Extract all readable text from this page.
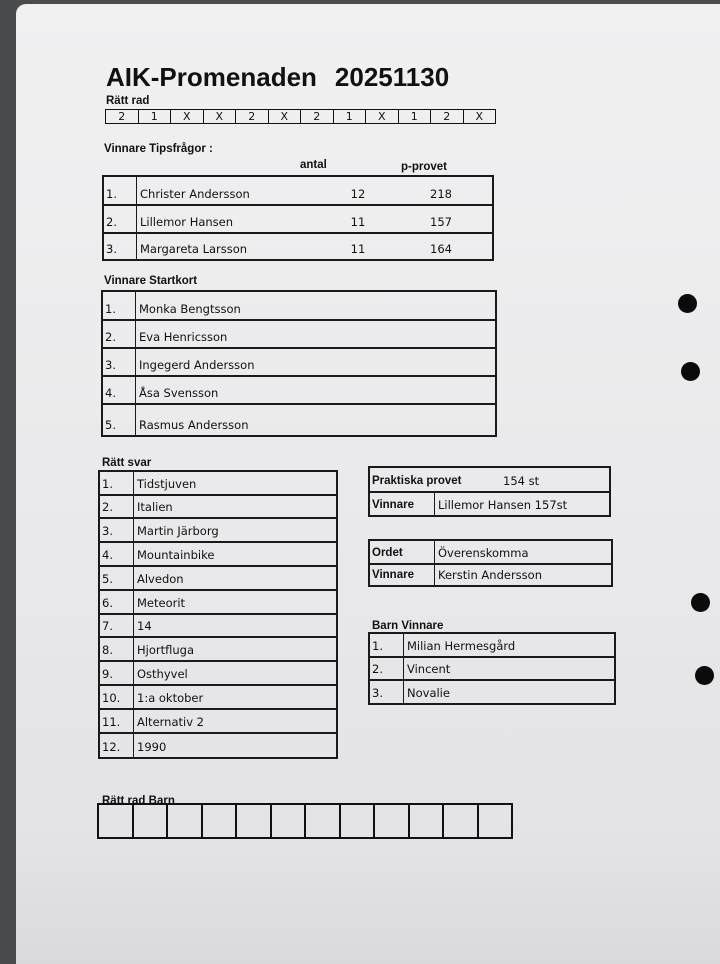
AIK-Promenaden 20251130
Rätt rad
2	1	X	X	2	X	2	1	X	1	2	X
Vinnare Tipsfrågor :
antal	p-provet
1.	Christer Andersson	12	218
2.	Lillemor Hansen	11	157
3.	Margareta Larsson	11	164
Vinnare Startkort
1.	Monka Bengtsson
2.	Eva Henricsson
3.	Ingegerd Andersson
4.	Åsa Svensson
5.	Rasmus Andersson
Rätt svar
1.	Tidstjuven
2.	Italien
3.	Martin Järborg
4.	Mountainbike
5.	Alvedon
6.	Meteorit
7.	14
8.	Hjortfluga
9.	Osthyvel
10.	1:a oktober
11.	Alternativ 2
12.	1990
Praktiska provet	154 st
Vinnare	Lillemor Hansen 157st
Ordet	Överenskomma
Vinnare	Kerstin Andersson
Barn Vinnare
1.	Milian Hermesgård
2.	Vincent
3.	Novalie
Rätt rad Barn
